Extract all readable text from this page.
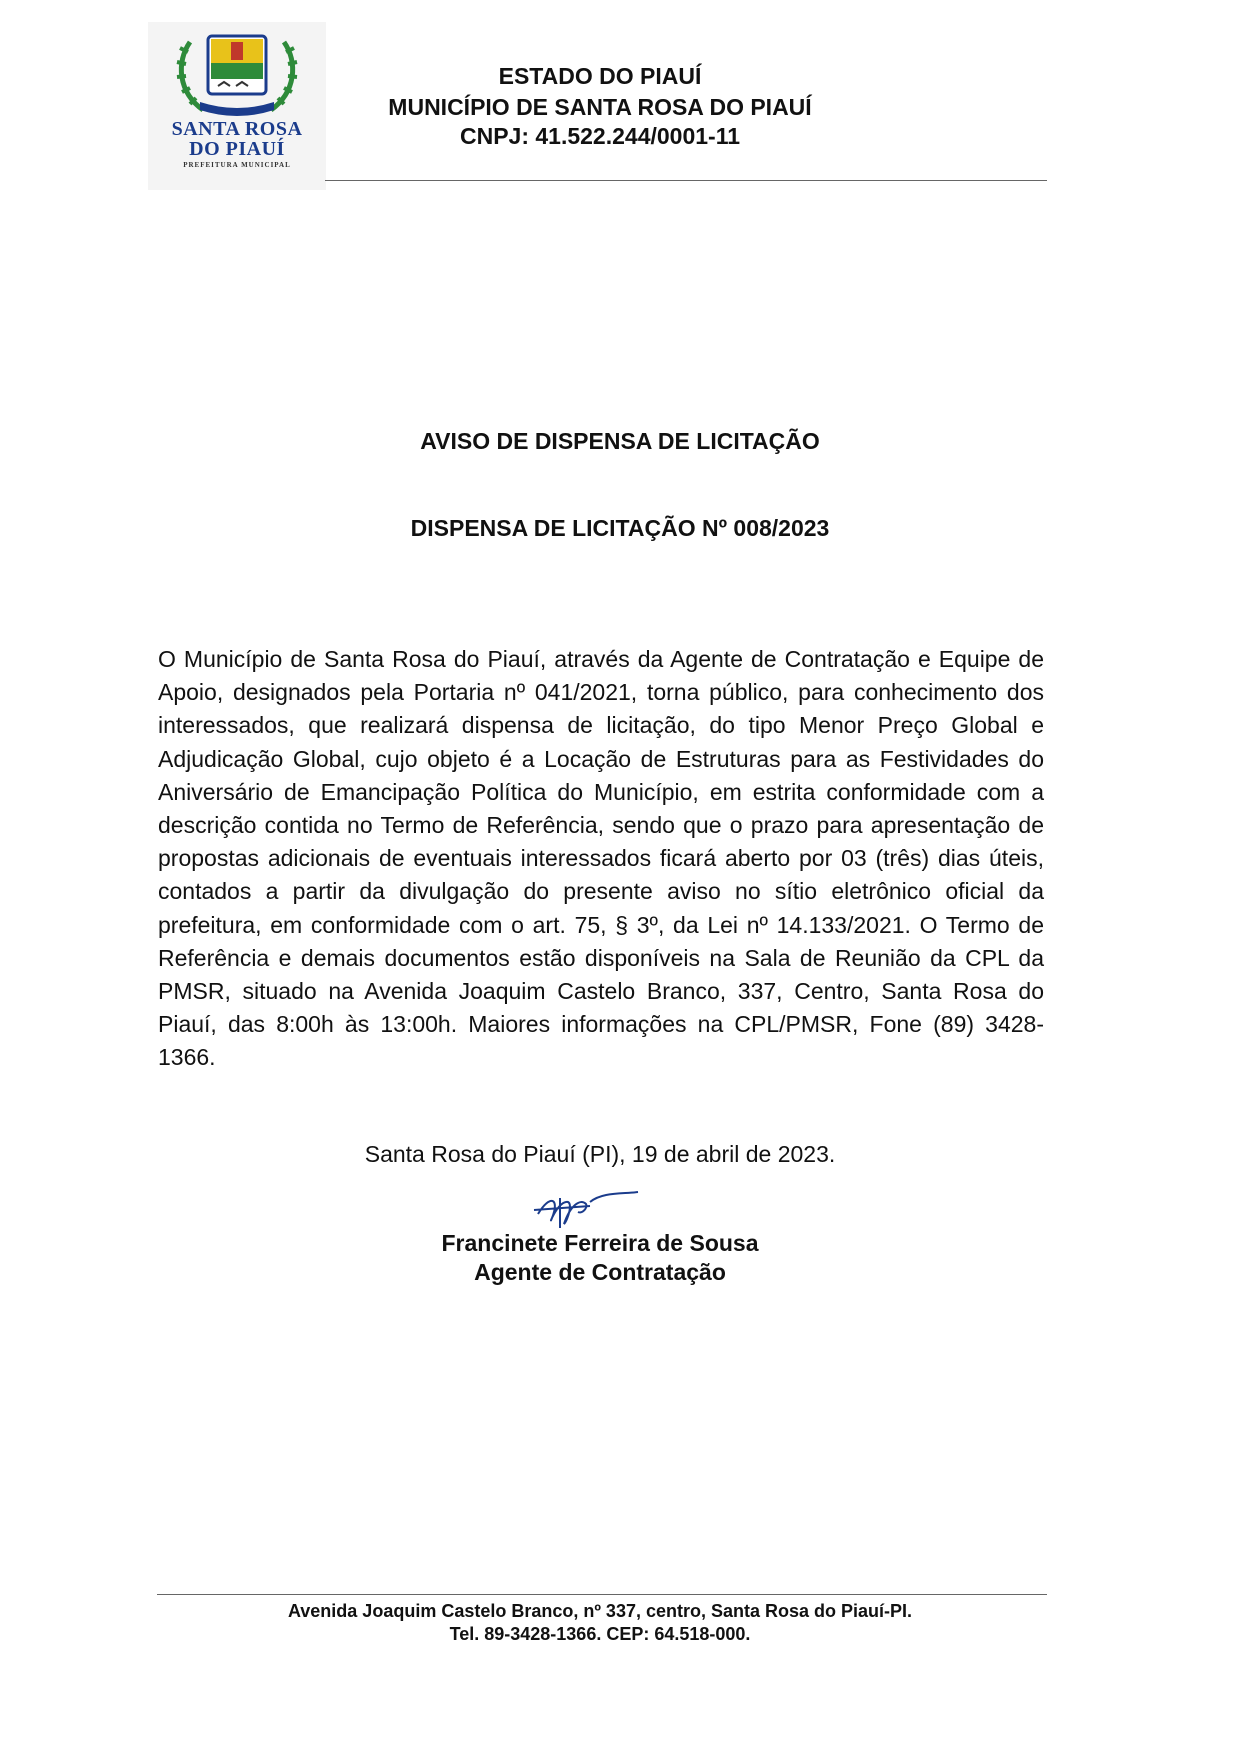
SANTA ROSA
DO PIAUÍ
PREFEITURA MUNICIPAL
ESTADO DO PIAUÍ
MUNICÍPIO DE SANTA ROSA DO PIAUÍ
CNPJ: 41.522.244/0001-11
AVISO DE DISPENSA DE LICITAÇÃO
DISPENSA DE LICITAÇÃO Nº 008/2023
O Município de Santa Rosa do Piauí, através da Agente de Contratação e Equipe de Apoio, designados pela Portaria nº 041/2021, torna público, para conhecimento dos interessados, que realizará dispensa de licitação, do tipo Menor Preço Global e Adjudicação Global, cujo objeto é a Locação de Estruturas para as Festividades do Aniversário de Emancipação Política do Município, em estrita conformidade com a descrição contida no Termo de Referência, sendo que o prazo para apresentação de propostas adicionais de eventuais interessados ficará aberto por 03 (três) dias úteis, contados a partir da divulgação do presente aviso no sítio eletrônico oficial da prefeitura, em conformidade com o art. 75, § 3º, da Lei nº 14.133/2021. O Termo de Referência e demais documentos estão disponíveis na Sala de Reunião da CPL da PMSR, situado na Avenida Joaquim Castelo Branco, 337, Centro, Santa Rosa do Piauí, das 8:00h às 13:00h. Maiores informações na CPL/PMSR, Fone (89) 3428-1366.
Santa Rosa do Piauí (PI), 19 de abril de 2023.
Francinete Ferreira de Sousa
Agente de Contratação
Avenida Joaquim Castelo Branco, nº 337, centro, Santa Rosa do Piauí-PI.
Tel. 89-3428-1366. CEP: 64.518-000.
